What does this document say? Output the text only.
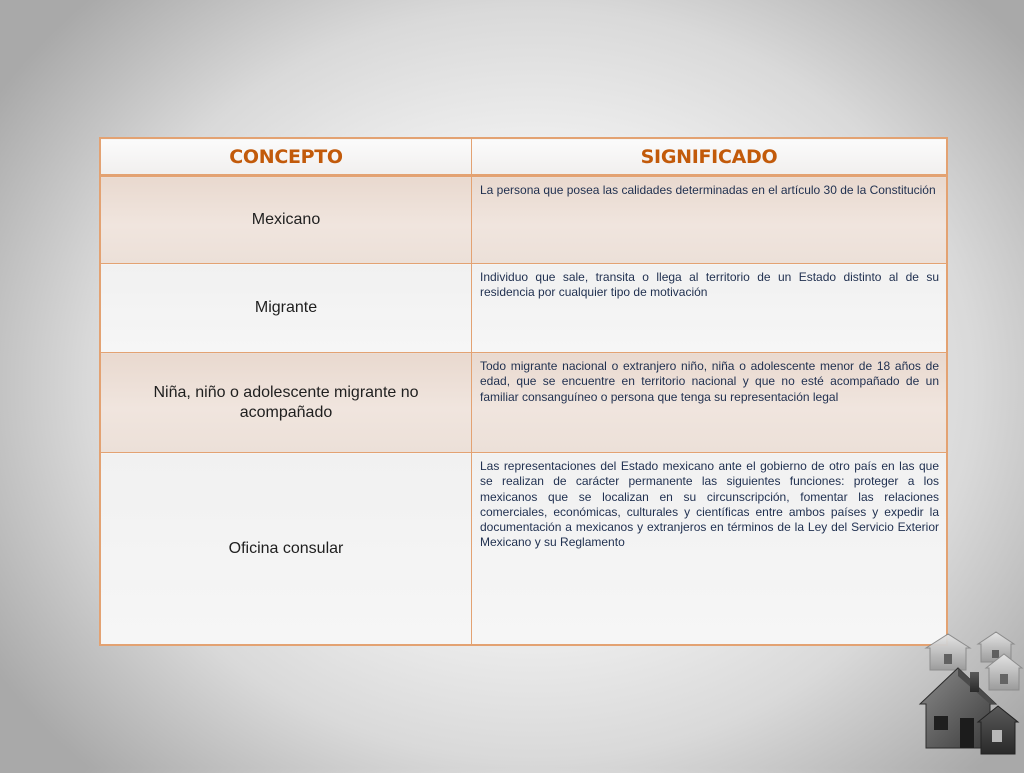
CONCEPTO	SIGNIFICADO
Mexicano	La persona que posea las calidades determinadas en el artículo 30 de la Constitución
Migrante	Individuo que sale, transita o llega al territorio de un Estado distinto al de su residencia por cualquier tipo de motivación
Niña, niño o adolescente migrante no acompañado	Todo migrante nacional o extranjero niño, niña o adolescente menor de 18 años de edad, que se encuentre en territorio nacional y que no esté acompañado de un familiar consanguíneo o persona que tenga su representación legal
Oficina consular	Las representaciones del Estado mexicano ante el gobierno de otro país en las que se realizan de carácter permanente las siguientes funciones: proteger a los mexicanos que se localizan en su circunscripción, fomentar las relaciones comerciales, económicas, culturales y científicas entre ambos países y expedir la documentación a mexicanos y extranjeros en términos de la Ley del Servicio Exterior Mexicano y su Reglamento
